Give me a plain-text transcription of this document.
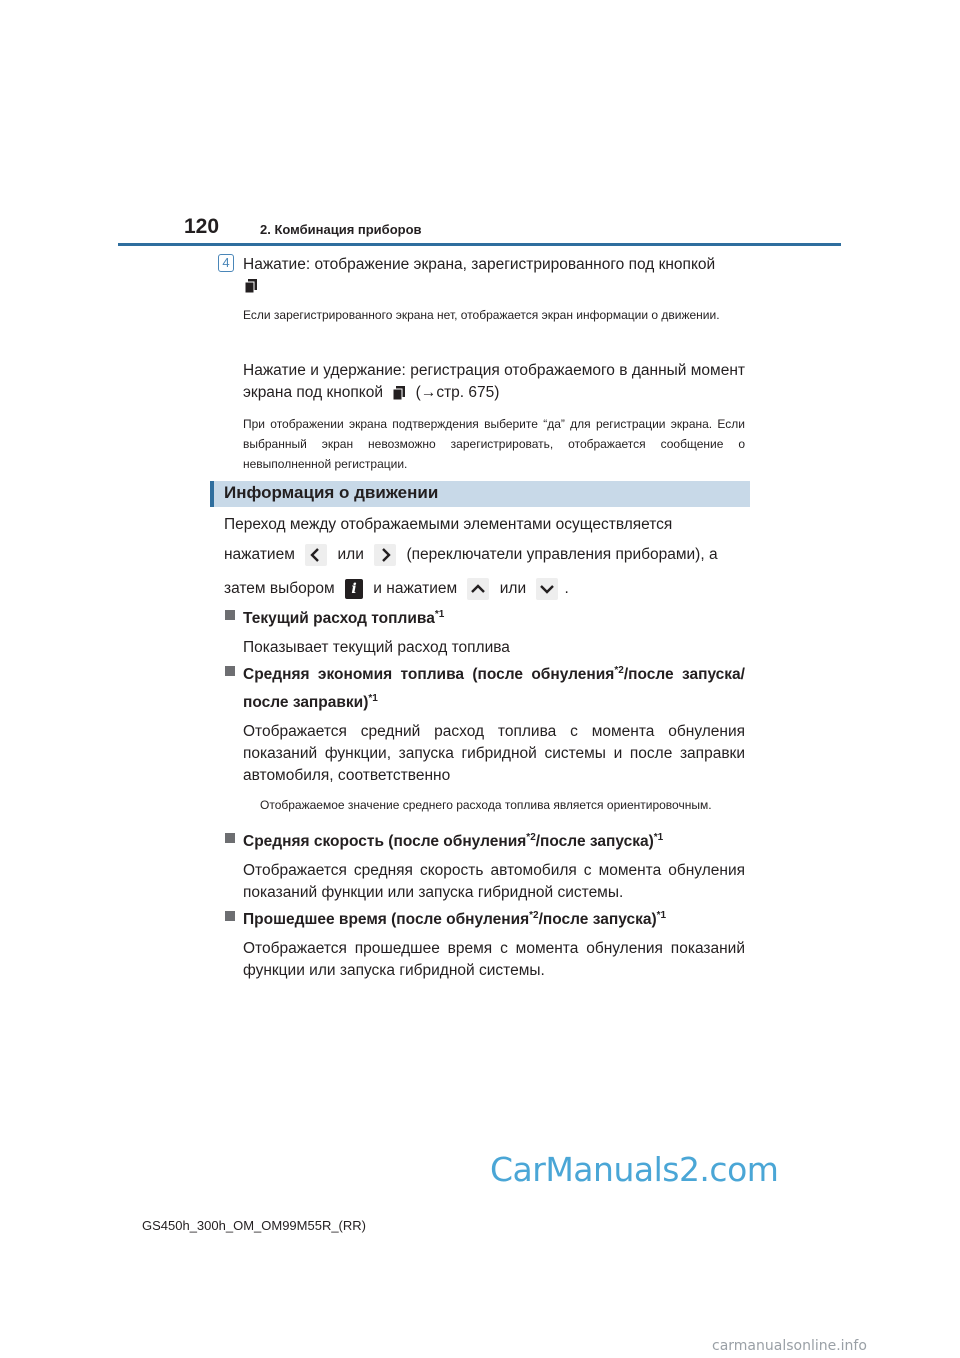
120	2. Комбинация приборов
4 Нажатие: отображение экрана, зарегистрированного под кнопкой

Если зарегистрированного экрана нет, отображается экран информации о движении.

Нажатие и удержание: регистрация отображаемого в данный момент экрана под кнопкой (→стр. 675)

При отображении экрана подтверждения выберите “да” для регистрации экрана. Если выбранный экран невозможно зарегистрировать, отображается сообщение о невыполненной регистрации.

Информация о движении

Переход между отображаемыми элементами осуществляется

нажатием	или	(переключатели управления приборами), а

затем выбором i и нажатием	или .

Текущий расход топлива$^{*1}$

Показывает текущий расход топлива

Средняя экономия топлива (после обнуления$^{*2}$/после запуска/после заправки)$^{*1}$

Отображается средний расход топлива с момента обнуления показаний функции, запуска гибридной системы и после заправки автомобиля, соответственно

Отображаемое значение среднего расхода топлива является ориентировочным.

Средняя скорость (после обнуления$^{*2}$/после запуска)$^{*1}$

Отображается средняя скорость автомобиля с момента обнуления показаний функции или запуска гибридной системы.

Прошедшее время (после обнуления$^{*2}$/после запуска)$^{*1}$

Отображается прошедшее время с момента обнуления показаний функции или запуска гибридной системы.

CarManuals2.com
GS450h_300h_OM_OM99M55R_(RR)
carmanualsonline.info
